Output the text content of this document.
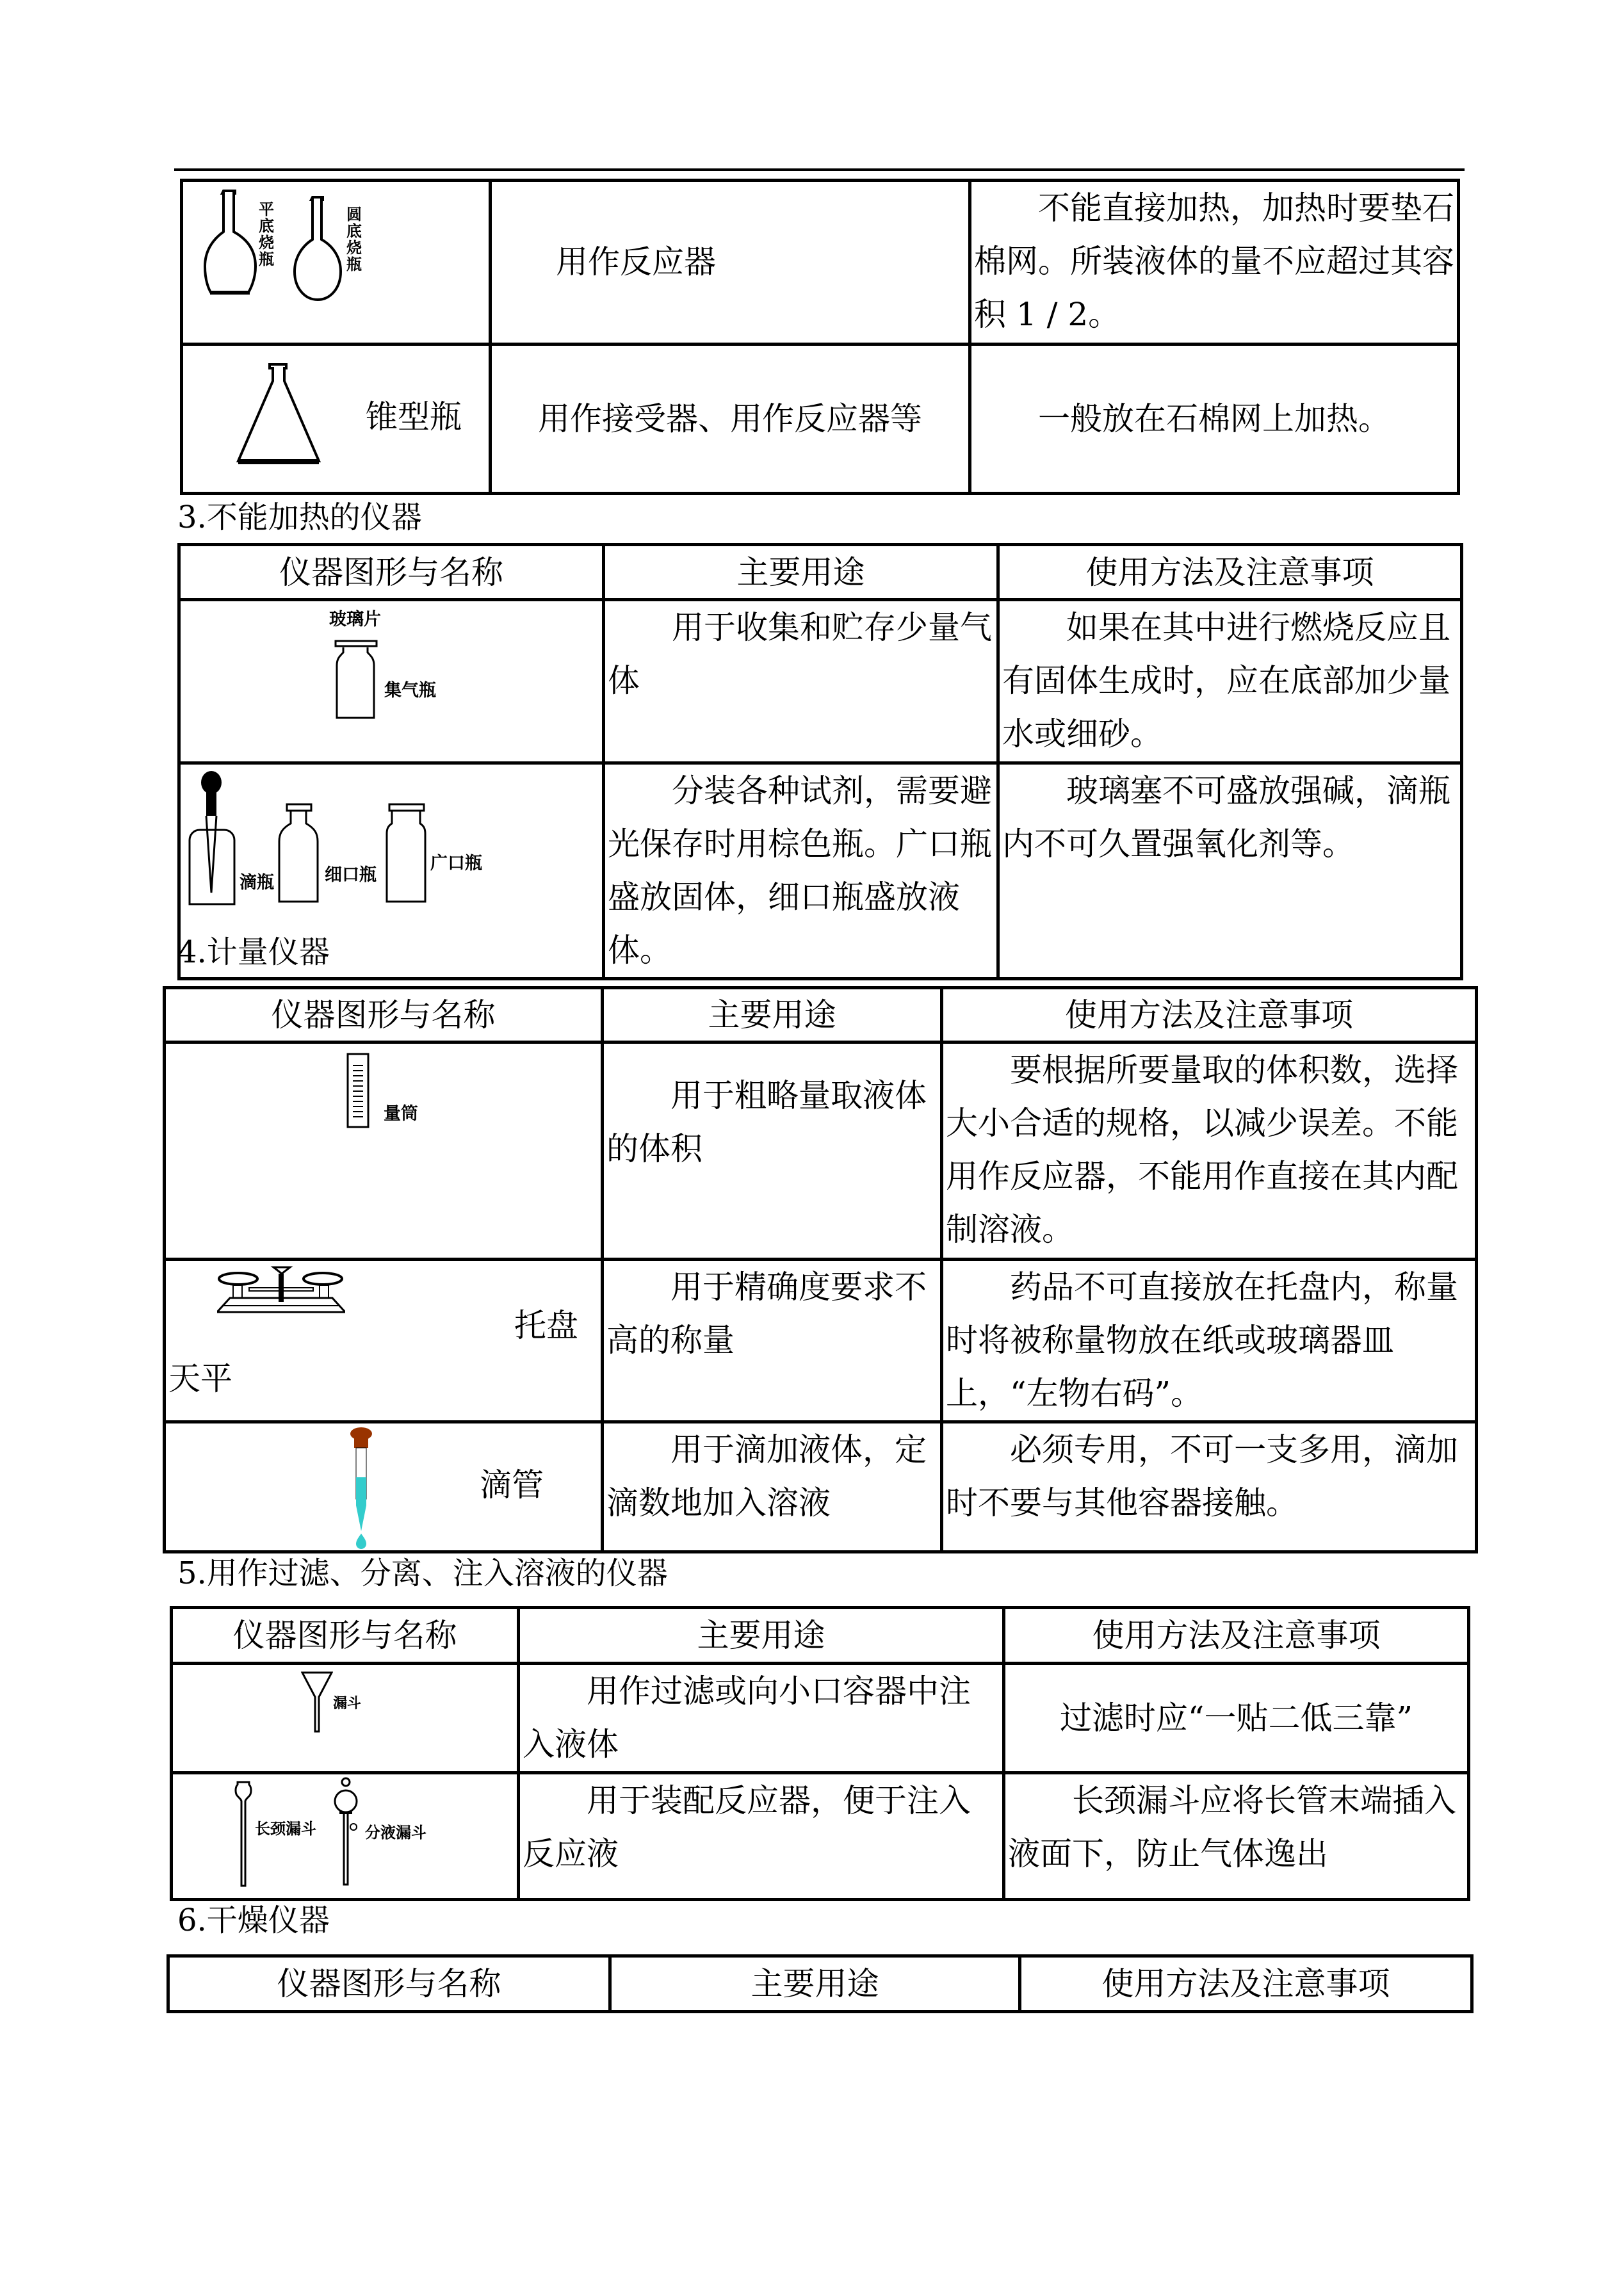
平底烧瓶
圆底烧瓶	用作反应器	不能直接加热，加热时要垫石棉网。所装液体的量不应超过其容积 1 / 2。

锥型瓶	用作接受器、用作反应器等	一般放在石棉网上加热。
3.不能加热的仪器
仪器图形与名称	主要用途	使用方法及注意事项

玻璃片
集气瓶	用于收集和贮存少量气体	如果在其中进行燃烧反应且有固体生成时，应在底部加少量水或细砂。

滴瓶 细口瓶
广口瓶	分装各种试剂，需要避光保存时用棕色瓶。广口瓶盛放固体，细口瓶盛放液体。	玻璃塞不可盛放强碱，滴瓶内不可久置强氧化剂等。

4.计量仪器
仪器图形与名称	主要用途	使用方法及注意事项

量筒	用于粗略量取液体的体积	要根据所要量取的体积数，选择大小合适的规格，以减少误差。不能用作反应器，不能用作直接在其内配制溶液。

托盘天平	用于精确度要求不高的称量	药品不可直接放在托盘内，称量时将被称量物放在纸或玻璃器皿上，“左物右码”。

滴管	用于滴加液体，定滴数地加入溶液	必须专用，不可一支多用，滴加时不要与其他容器接触。

5.用作过滤、分离、注入溶液的仪器
仪器图形与名称	主要用途	使用方法及注意事项

漏斗	用作过滤或向小口容器中注入液体	过滤时应“一贴二低三靠”

长颈漏斗 分液漏斗	用于装配反应器，便于注入反应液	长颈漏斗应将长管末端插入液面下，防止气体逸出

6.干燥仪器
仪器图形与名称	主要用途	使用方法及注意事项
